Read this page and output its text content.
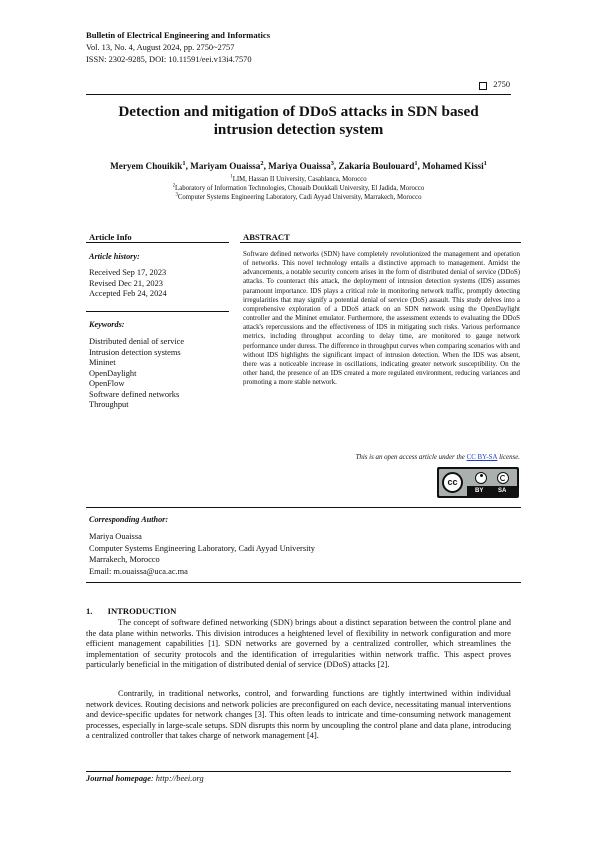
Bulletin of Electrical Engineering and Informatics
Vol. 13, No. 4, August 2024, pp. 2750~2757
ISSN: 2302-9285, DOI: 10.11591/eei.v13i4.7570
2750
Detection and mitigation of DDoS attacks in SDN based
intrusion detection system
Meryem Chouikik$^1$, Mariyam Ouaissa$^2$, Mariya Ouaissa$^3$, Zakaria Boulouard$^1$, Mohamed Kissi$^1$
$^1$LIM, Hassan II University, Casablanca, Morocco
$^2$Laboratory of Information Technologies, Chouaib Doukkali University, El Jadida, Morocco
$^3$Computer Systems Engineering Laboratory, Cadi Ayyad University, Marrakech, Morocco
Article Info	ABSTRACT
Article history:
Received Sep 17, 2023
Revised Dec 21, 2023
Accepted Feb 24, 2024
Keywords:
Distributed denial of service
Intrusion detection systems
Mininet
OpenDaylight
OpenFlow
Software defined networks
Throughput
Software defined networks (SDN) have completely revolutionized the management and operation of networks. This novel technology entails a distinctive approach to management. Amidst the advancements, a notable security concern arises in the form of distributed denial of service (DDoS) attacks. To counteract this attack, the deployment of intrusion detection systems (IDS) assumes paramount importance. IDS plays a critical role in monitoring network traffic, promptly detecting irregularities that may signify a potential denial of service (DoS) assault. This study delves into a comprehensive exploration of a DDoS attack on an SDN network using the OpenDaylight controller and the Mininet emulator. Furthermore, the assessment extends to evaluating the DDoS attack's repercussions and the effectiveness of IDS in mitigating such risks. Various performance metrics, including throughput according to delay time, are monitored to gauge network performance under duress. The difference in throughput curves when comparing scenarios with and without IDS highlights the significant impact of intrusion detection. When the IDS was absent, there was a noticeable increase in oscillations, indicating greater network susceptibility. On the other hand, the presence of an IDS created a more regulated environment, reducing variances and promoting a more stable network.
This is an open access article under the CC BY-SA license.
cc
BY SA
Corresponding Author:
Mariya Ouaissa
Computer Systems Engineering Laboratory, Cadi Ayyad University
Marrakech, Morocco
Email: m.ouaissa@uca.ac.ma
1. INTRODUCTION
The concept of software defined networking (SDN) brings about a distinct separation between the control plane and the data plane within networks. This division introduces a heightened level of flexibility in network configuration and more efficient management capabilities [1]. SDN networks are governed by a centralized controller, which streamlines the implementation of security protocols and the identification of irregularities within network traffic. This aspect proves particularly beneficial in the mitigation of distributed denial of service (DDoS) attacks [2].
Contrarily, in traditional networks, control, and forwarding functions are tightly intertwined within individual network devices. Routing decisions and network policies are preconfigured on each device, necessitating manual interventions and device-specific updates for network changes [3]. This often leads to intricate and time-consuming network management processes, especially in large-scale setups. SDN disrupts this norm by uncoupling the control plane and data plane, introducing a centralized controller that takes charge of network management [4].
Journal homepage: http://beei.org
